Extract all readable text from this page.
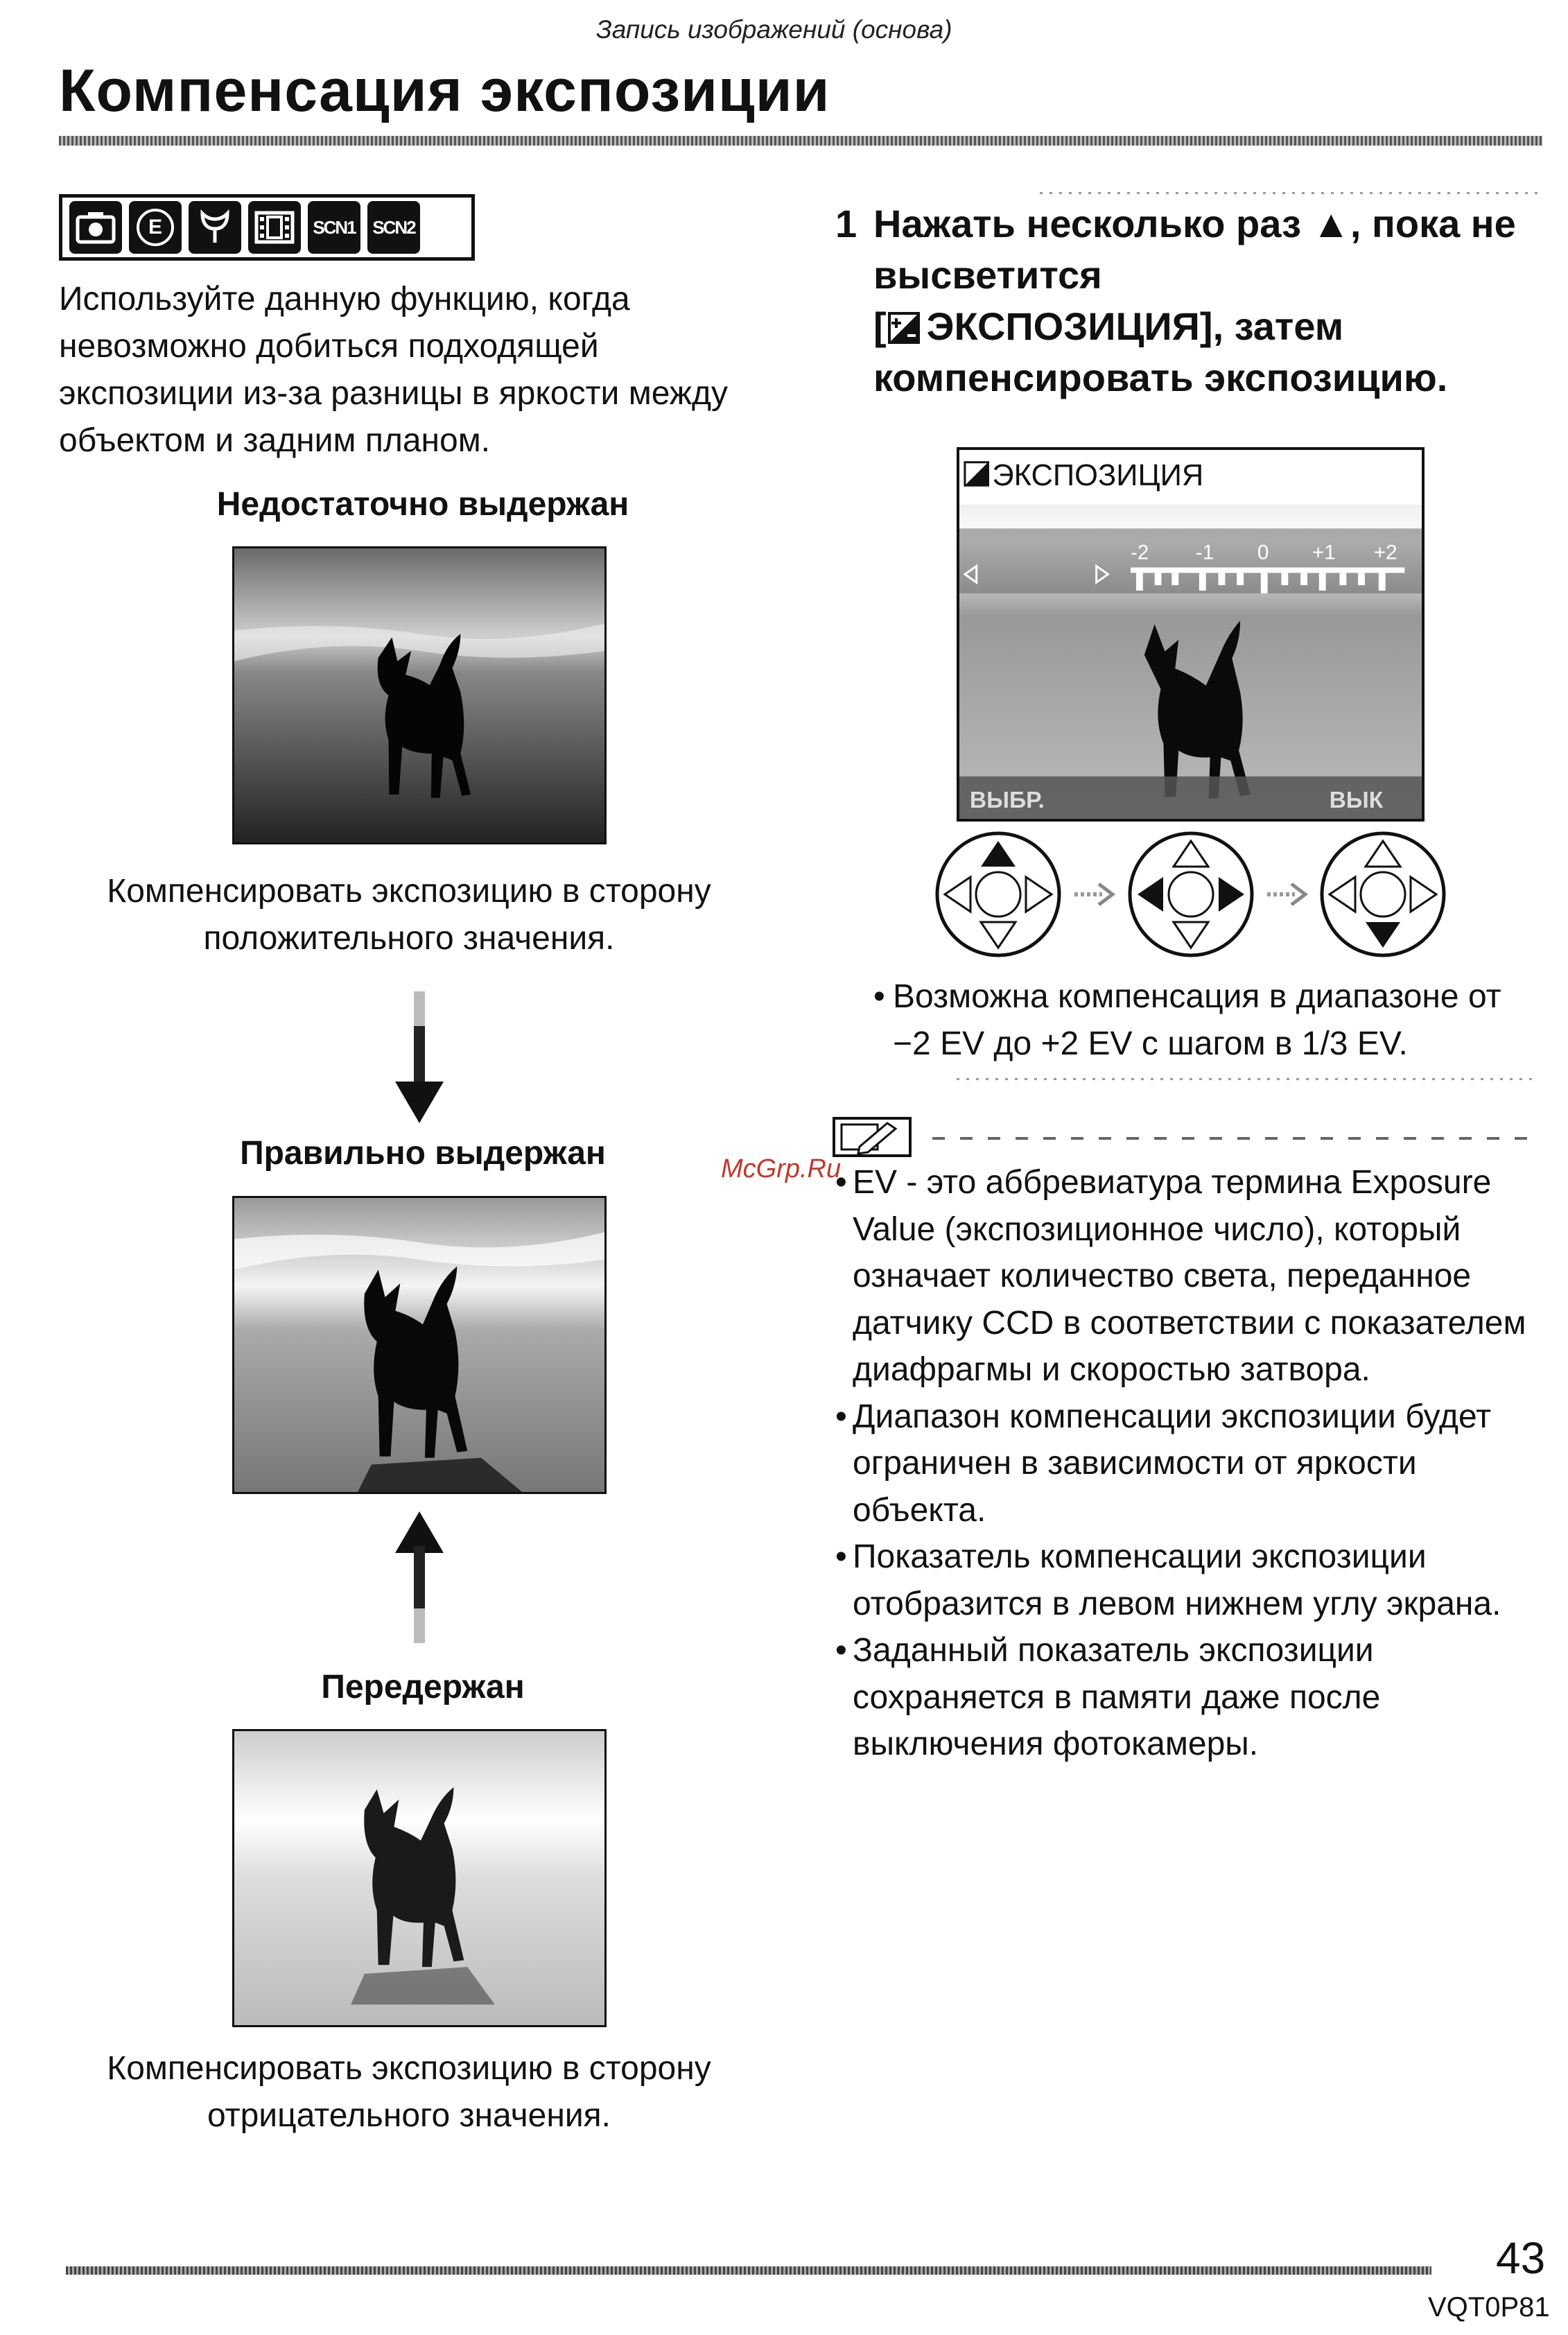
Запись изображений (основа)
Компенсация экспозиции
E	SCN1 SCN2

Используйте данную функцию, когда невозможно добиться подходящей экспозиции из-за разницы в яркости между объектом и задним планом.

Недостаточно выдержан

Компенсировать экспозицию в сторону положительного значения.

Правильно выдержан

Передержан

Компенсировать экспозицию в сторону отрицательного значения.

1 Нажать несколько раз ▲, пока не высветится
[ ЭКСПОЗИЦИЯ], затем компенсировать экспозицию.

ВЫБР.	ВЫК
ЭКСПОЗИЦИЯ
-2 -1 0 +1 +2

• Возможна компенсация в диапазоне от −2 EV до +2 EV с шагом в 1/3 EV.

McGrp.Ru
• EV - это аббревиатура термина Exposure Value (экспозиционное число), который означает количество света, переданное датчику CCD в соответствии с показателем диафрагмы и скоростью затвора.
• Диапазон компенсации экспозиции будет ограничен в зависимости от яркости объекта.
• Показатель компенсации экспозиции отобразится в левом нижнем углу экрана.
• Заданный показатель экспозиции сохраняется в памяти даже после выключения фотокамеры.
43
VQT0P81
